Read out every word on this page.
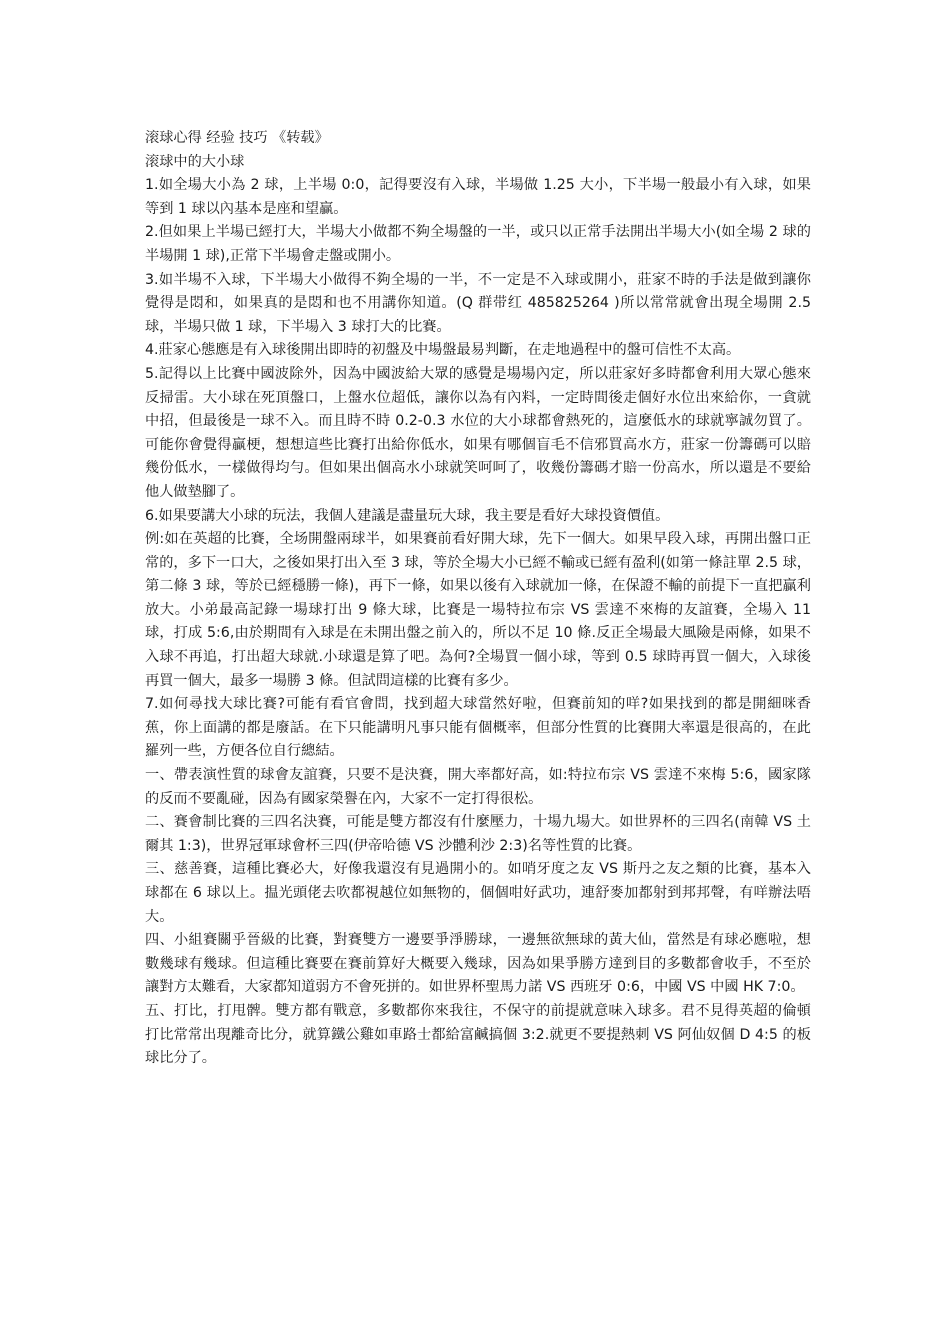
滚球心得 经验 技巧 《转载》

滚球中的大小球

1.如全場大小為 2 球，上半場 0:0，記得要沒有入球，半場做 1.25 大小，下半場一般最小有入球，如果等到 1 球以內基本是座和望贏。

2.但如果上半場已經打大，半場大小做都不夠全場盤的一半，或只以正常手法開出半場大小(如全場 2 球的半場開 1 球),正常下半場會走盤或開小。

3.如半場不入球，下半場大小做得不夠全場的一半，不一定是不入球或開小，莊家不時的手法是做到讓你覺得是悶和，如果真的是悶和也不用講你知道。(Q 群带红 485825264 )所以常常就會出現全場開 2.5 球，半場只做 1 球，下半場入 3 球打大的比賽。

4.莊家心態應是有入球後開出即時的初盤及中場盤最易判斷，在走地過程中的盤可信性不太高。

5.記得以上比賽中國波除外，因為中國波給大眾的感覺是場場內定，所以莊家好多時都會利用大眾心態來反掃雷。大小球在死頂盤口，上盤水位超低，讓你以為有內料，一定時間後走個好水位出來給你，一貪就中招，但最後是一球不入。而且時不時 0.2-0.3 水位的大小球都會熱死的，這麼低水的球就寧誠勿買了。可能你會覺得贏梗，想想這些比賽打出給你低水，如果有哪個盲毛不信邪買高水方，莊家一份籌碼可以賠幾份低水，一樣做得均勻。但如果出個高水小球就笑呵呵了，收幾份籌碼才賠一份高水，所以還是不要給他人做墊腳了。

6.如果要講大小球的玩法，我個人建議是盡量玩大球，我主要是看好大球投資價值。

例:如在英超的比賽，全场開盤兩球半，如果賽前看好開大球，先下一個大。如果早段入球，再開出盤口正常的，多下一口大，之後如果打出入至 3 球，等於全場大小已經不輸或已經有盈利(如第一條註單 2.5 球，第二條 3 球，等於已經穩勝一條)，再下一條，如果以後有入球就加一條，在保證不輸的前提下一直把贏利放大。小弟最高記錄一場球打出 9 條大球，比賽是一場特拉布宗 VS 雲達不來梅的友誼賽，全場入 11 球，打成 5:6,由於期間有入球是在未開出盤之前入的，所以不足 10 條.反正全場最大風險是兩條，如果不入球不再追，打出超大球就.小球還是算了吧。為何?全場買一個小球，等到 0.5 球時再買一個大，入球後再買一個大，最多一場勝 3 條。但試問這樣的比賽有多少。

7.如何尋找大球比賽?可能有看官會問，找到超大球當然好啦，但賽前知的咩?如果找到的都是開細咪香蕉，你上面講的都是廢話。在下只能講明凡事只能有個概率，但部分性質的比賽開大率還是很高的，在此羅列一些，方便各位自行總結。

一、帶表演性質的球會友誼賽，只要不是決賽，開大率都好高，如:特拉布宗 VS 雲達不來梅 5:6，國家隊的反而不要亂碰，因為有國家榮譽在內，大家不一定打得很松。

二、賽會制比賽的三四名決賽，可能是雙方都沒有什麼壓力，十場九場大。如世界杯的三四名(南韓 VS 土爾其 1:3)，世界冠軍球會杯三四(伊帝哈德 VS 沙體利沙 2:3)名等性質的比賽。

三、慈善賽，這種比賽必大，好像我還沒有見過開小的。如哨牙度之友 VS 斯丹之友之類的比賽，基本入球都在 6 球以上。揾光頭佬去吹都視越位如無物的，個個咁好武功，連舒麥加都射到邦邦聲，有咩辦法唔大。

四、小組賽關乎晉級的比賽，對賽雙方一邊要爭淨勝球，一邊無欲無球的黃大仙，當然是有球必應啦，想數幾球有幾球。但這種比賽要在賽前算好大概要入幾球，因為如果爭勝方達到目的多數都會收手，不至於讓對方太難看，大家都知道弱方不會死拼的。如世界杯聖馬力諾 VS 西班牙 0:6，中國 VS 中國 HK 7:0。

五、打比，打甩髀。雙方都有戰意，多數都你來我往，不保守的前提就意味入球多。君不見得英超的倫頓打比常常出現離奇比分，就算鐵公雞如車路士都給富鹹搞個 3:2.就更不要提熱刺 VS 阿仙奴個 D 4:5 的板球比分了。
